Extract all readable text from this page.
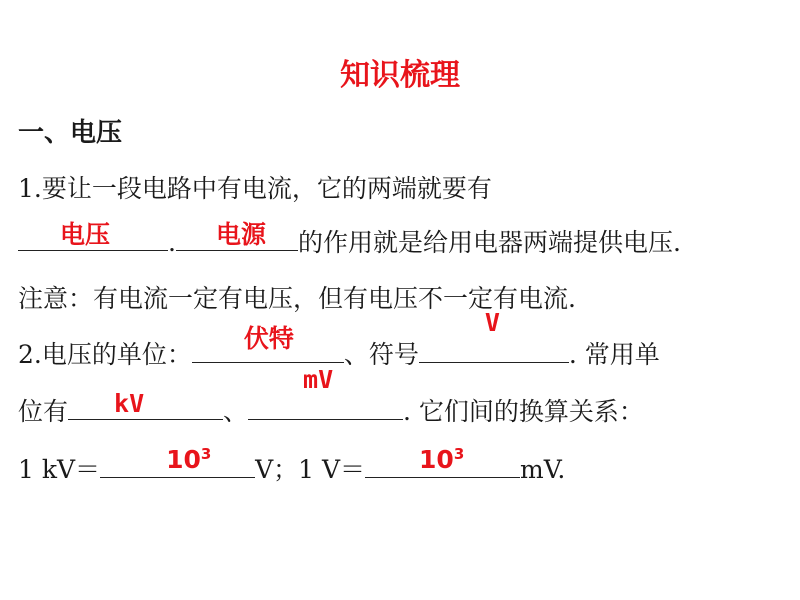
知识梳理
一、电压
1.要让一段电路中有电流，它的两端就要有
电压 . 电源 的作用就是给用电器两端提供电压.
注意：有电流一定有电压，但有电压不一定有电流.
2.电压的单位：
伏特
、符号
V
. 常用单
位有 kV	、
mV
. 它们间的换算关系：
1 kV＝	$10^3$
V；1 $V= 10^3$
mV.
